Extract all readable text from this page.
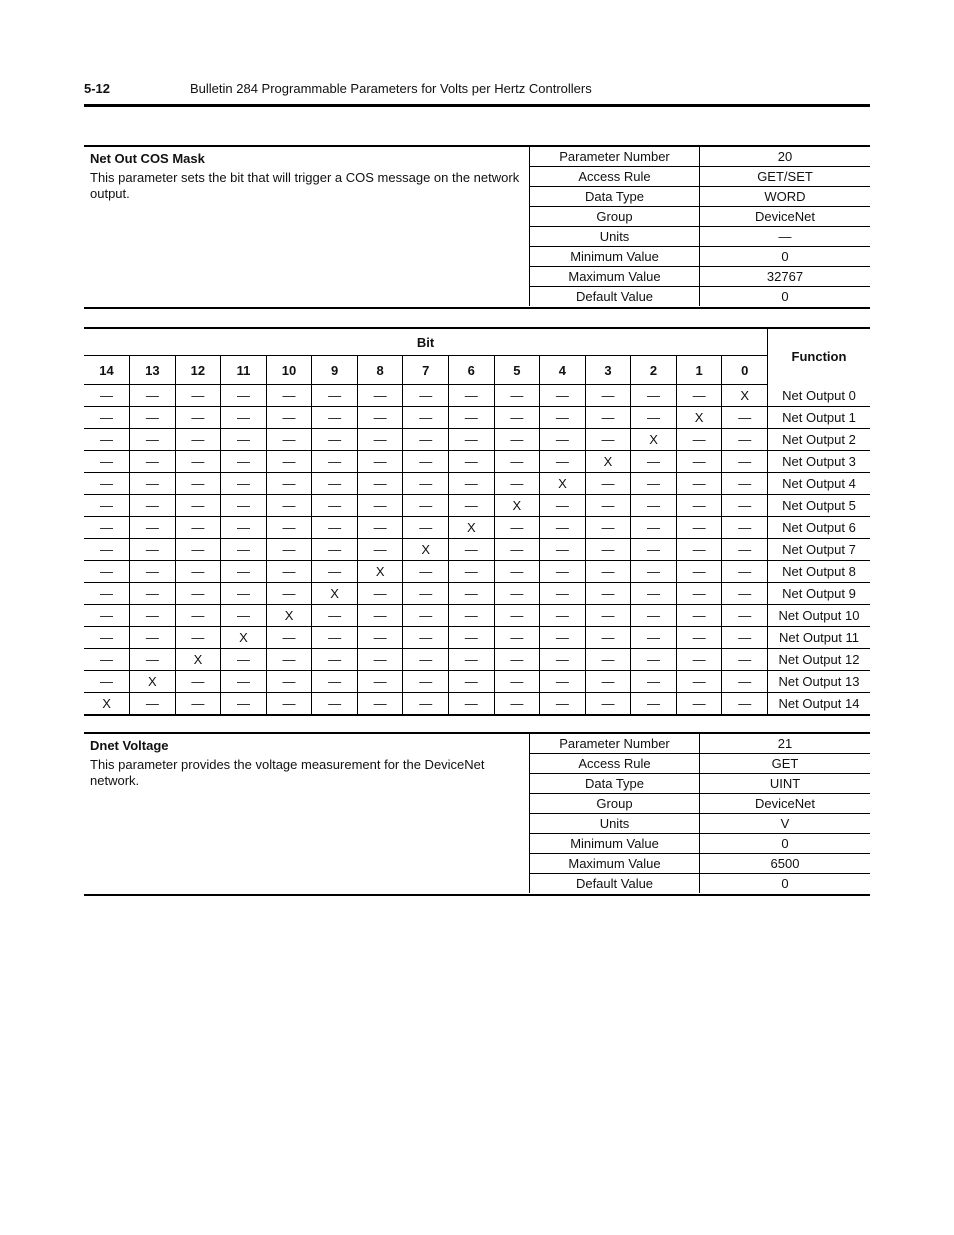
5-12	Bulletin 284 Programmable Parameters for Volts per Hertz Controllers
Net Out COS Mask
This parameter sets the bit that will trigger a COS message on the network output.
Parameter Number	20
Access Rule	GET/SET
Data Type	WORD
Group	DeviceNet
Units	—
Minimum Value	0
Maximum Value	32767
Default Value	0
Bit															Function
14	13	12	11	10	9	8	7	6	5	4	3	2	1	0	
—	—	—	—	—	—	—	—	—	—	—	—	—	—	X	Net Output 0
—	—	—	—	—	—	—	—	—	—	—	—	—	X	—	Net Output 1
—	—	—	—	—	—	—	—	—	—	—	—	X	—	—	Net Output 2
—	—	—	—	—	—	—	—	—	—	—	X	—	—	—	Net Output 3
—	—	—	—	—	—	—	—	—	—	X	—	—	—	—	Net Output 4
—	—	—	—	—	—	—	—	—	X	—	—	—	—	—	Net Output 5
—	—	—	—	—	—	—	—	X	—	—	—	—	—	—	Net Output 6
—	—	—	—	—	—	—	X	—	—	—	—	—	—	—	Net Output 7
—	—	—	—	—	—	X	—	—	—	—	—	—	—	—	Net Output 8
—	—	—	—	—	X	—	—	—	—	—	—	—	—	—	Net Output 9
—	—	—	—	X	—	—	—	—	—	—	—	—	—	—	Net Output 10
—	—	—	X	—	—	—	—	—	—	—	—	—	—	—	Net Output 11
—	—	X	—	—	—	—	—	—	—	—	—	—	—	—	Net Output 12
—	X	—	—	—	—	—	—	—	—	—	—	—	—	—	Net Output 13
X	—	—	—	—	—	—	—	—	—	—	—	—	—	—	Net Output 14
Dnet Voltage
This parameter provides the voltage measurement for the DeviceNet network.
Parameter Number	21
Access Rule	GET
Data Type	UINT
Group	DeviceNet
Units	V
Minimum Value	0
Maximum Value	6500
Default Value	0
